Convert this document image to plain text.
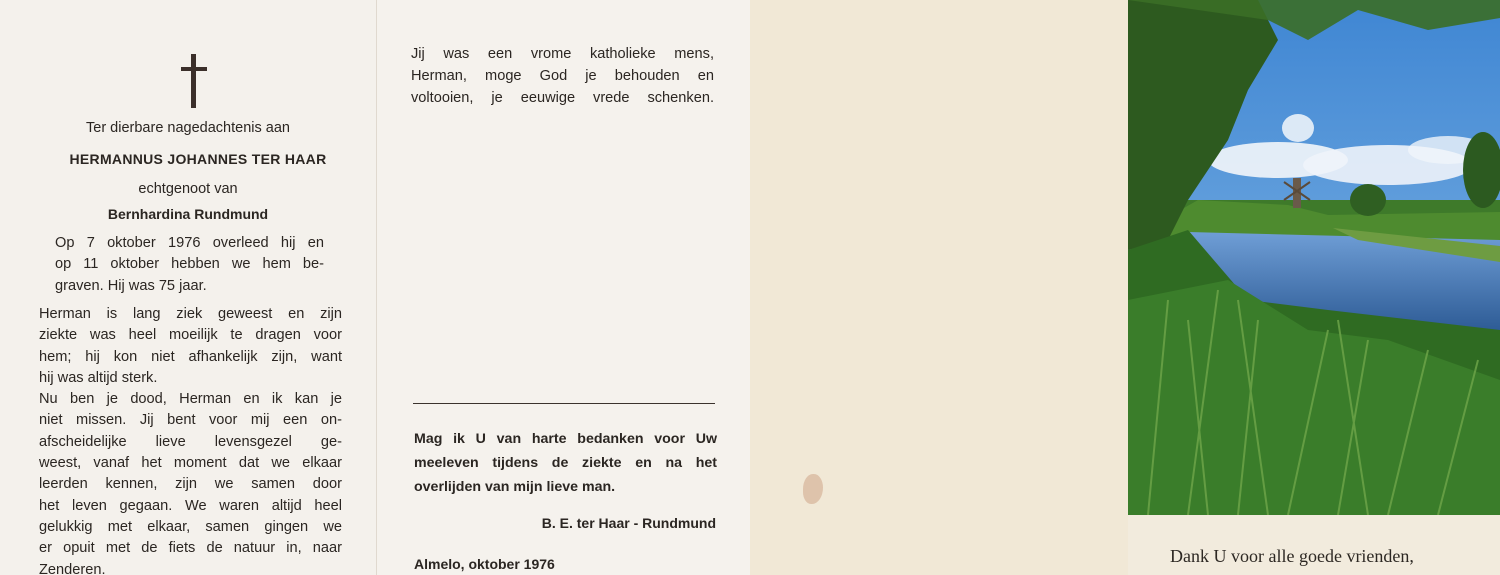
Ter dierbare nagedachtenis aan
HERMANNUS JOHANNES TER HAAR
echtgenoot van
Bernhardina Rundmund
Op 7 oktober 1976 overleed hij en
op 11 oktober hebben we hem be-
graven. Hij was 75 jaar.
Herman is lang ziek geweest en zijn
ziekte was heel moeilijk te dragen voor
hem; hij kon niet afhankelijk zijn, want
hij was altijd sterk.
Nu ben je dood, Herman en ik kan je
niet missen. Jij bent voor mij een on-
afscheidelijke lieve levensgezel ge-
weest, vanaf het moment dat we elkaar
leerden kennen, zijn we samen door
het leven gegaan. We waren altijd heel
gelukkig met elkaar, samen gingen we
er opuit met de fiets de natuur in, naar
Zenderen.
Jij was een vrome katholieke mens,
Herman, moge God je behouden en
voltooien, je eeuwige vrede schenken.
Mag ik U van harte bedanken voor Uw
meeleven tijdens de ziekte en na het
overlijden van mijn lieve man.
B. E. ter Haar - Rundmund
Almelo, oktober 1976	Dank U voor alle goede vrienden,
